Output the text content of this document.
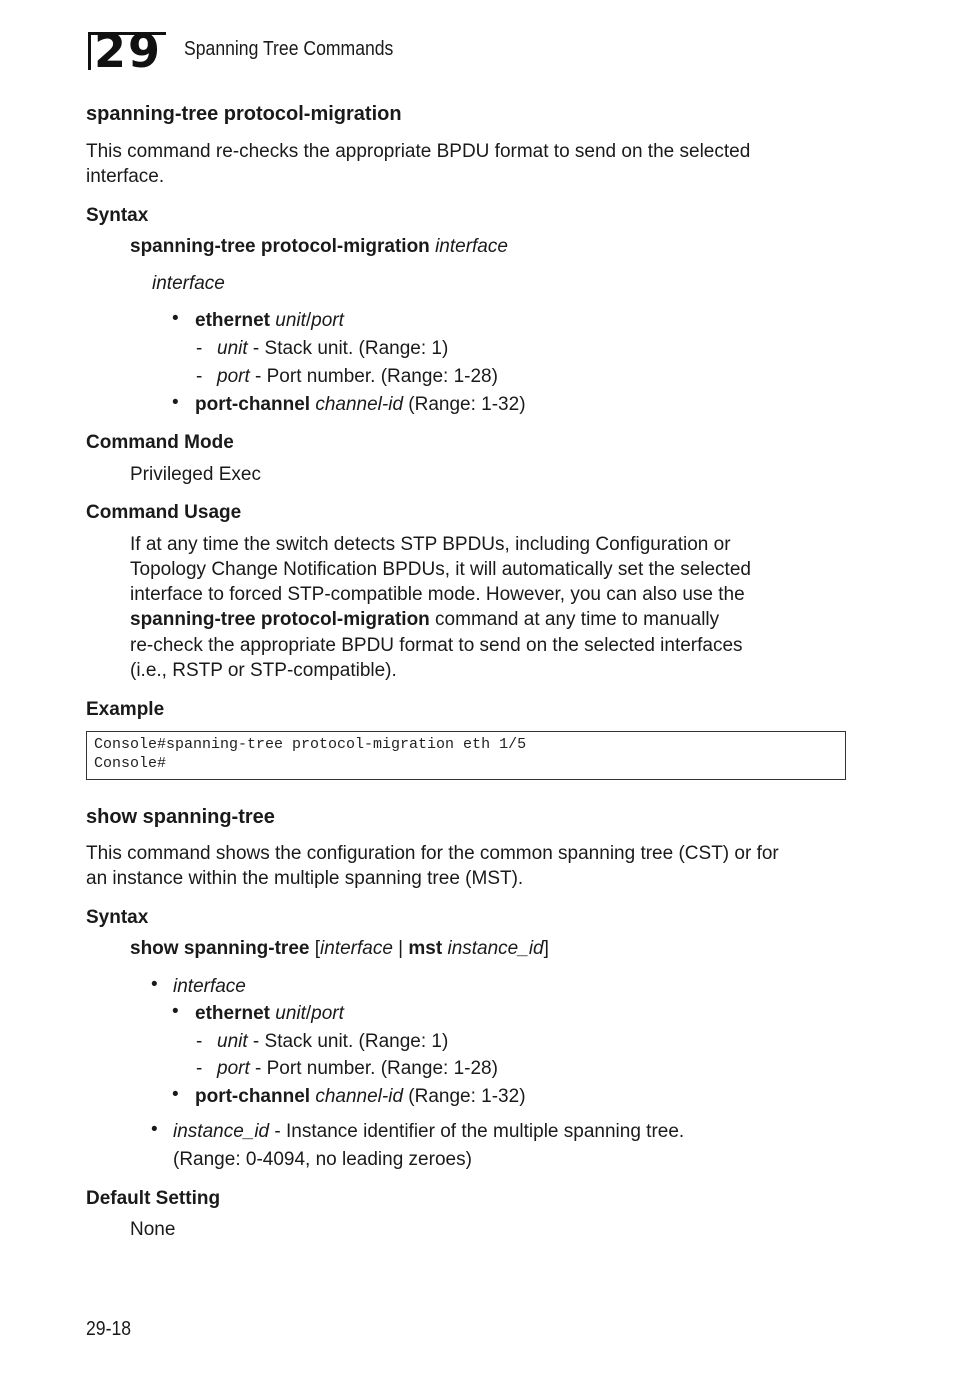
29 Spanning Tree Commands
spanning-tree protocol-migration
This command re-checks the appropriate BPDU format to send on the selected
interface.
Syntax
spanning-tree protocol-migration interface
interface
• ethernet unit/port
- unit - Stack unit. (Range: 1)
- port - Port number. (Range: 1-28)
• port-channel channel-id (Range: 1-32)
Command Mode
Privileged Exec
Command Usage
If at any time the switch detects STP BPDUs, including Configuration or
Topology Change Notification BPDUs, it will automatically set the selected
interface to forced STP-compatible mode. However, you can also use the
spanning-tree protocol-migration command at any time to manually
re-check the appropriate BPDU format to send on the selected interfaces
(i.e., RSTP or STP-compatible).
Example
Console#spanning-tree protocol-migration eth 1/5
Console#
show spanning-tree
This command shows the configuration for the common spanning tree (CST) or for
an instance within the multiple spanning tree (MST).
Syntax
show spanning-tree [interface | mst instance_id]
• interface
• ethernet unit/port
- unit - Stack unit. (Range: 1)
- port - Port number. (Range: 1-28)
• port-channel channel-id (Range: 1-32)
• instance_id - Instance identifier of the multiple spanning tree.
(Range: 0-4094, no leading zeroes)
Default Setting
None
29-18
